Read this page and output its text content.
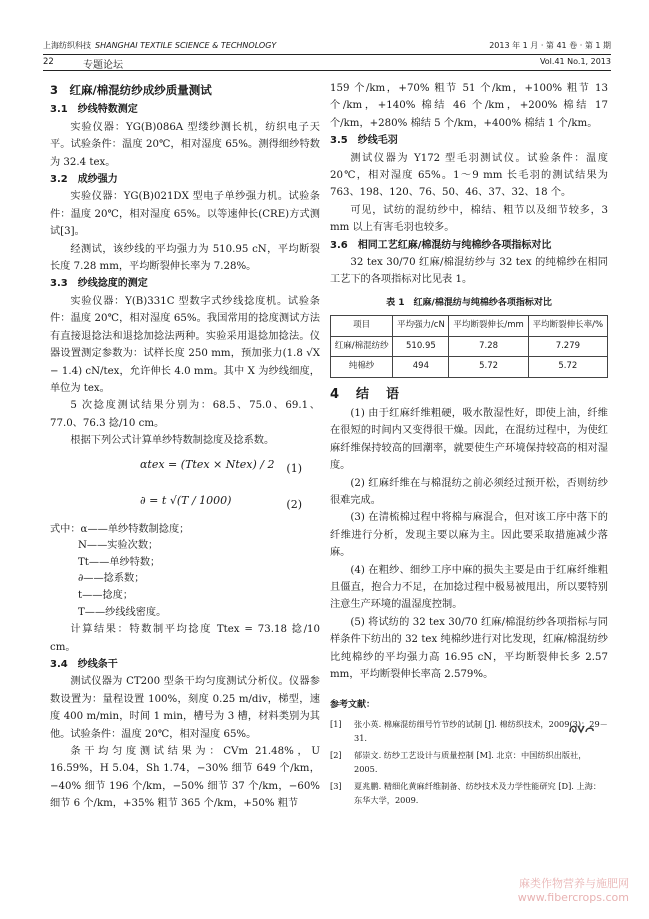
上海纺织科技 SHANGHAI TEXTILE SCIENCE & TECHNOLOGY	2013 年 1 月 · 第 41 卷 · 第 1 期
22	专题论坛	Vol.41 No.1, 2013
3　红麻/棉混纺纱成纱质量测试
3.1　纱线特数测定

实验仪器：YG(B)086A 型缕纱测长机，纺织电子天平。试验条件：温度 20℃，相对湿度 65%。测得细纱特数为 32.4 tex。

3.2　成纱强力

实验仪器：YG(B)021DX 型电子单纱强力机。试验条件：温度 20℃，相对湿度 65%。以等速伸长(CRE)方式测试[3]。

经测试，该纱线的平均强力为 510.95 cN，平均断裂长度 7.28 mm，平均断裂伸长率为 7.28%。

3.3　纱线捻度的测定

实验仪器：Y(B)331C 型数字式纱线捻度机。试验条件：温度 20℃，相对湿度 65%。我国常用的捻度测试方法有直接退捻法和退捻加捻法两种。实验采用退捻加捻法。仪器设置测定参数为：试样长度 250 mm，预加张力(1.8 √X − 1.4) cN/tex，允许伸长 4.0 mm。其中 X 为纱线细度，单位为 tex。

5 次捻度测试结果分别为：68.5、75.0、69.1、77.0、76.3 捻/10 cm。

根据下列公式计算单纱特数制捻度及捻系数。

αtex = (Ttex × Ntex) / 2 (1)
∂ = t √(T / 1000)	(2)
式中：α——单纱特数制捻度；
N——实验次数；
Tt——单纱特数；
∂——捻系数；
t——捻度；
T——纱线线密度。

计算结果：特数制平均捻度 Ttex = 73.18 捻/10 cm。

3.4　纱线条干

测试仪器为 CT200 型条干均匀度测试分析仪。仪器参数设置为：量程设置 100%，刻度 0.25 m/div，梯型，速度 400 m/min，时间 1 min，槽号为 3 槽，材料类别为其他。试验条件：温度 20℃，相对湿度 65%。

条干均匀度测试结果为：CVm 21.48%，U 16.59%，H 5.04，Sh 1.74，−30% 细节 649 个/km，−40% 细节 196 个/km，−50% 细节 37 个/km，−60% 细节 6 个/km，+35% 粗节 365 个/km，+50% 粗节

159 个/km，+70% 粗节 51 个/km，+100% 粗节 13 个/km，+140% 棉结 46 个/km，+200% 棉结 17 个/km，+280% 棉结 5 个/km，+400% 棉结 1 个/km。

3.5　纱线毛羽

测试仪器为 Y172 型毛羽测试仪。试验条件：温度 20℃，相对湿度 65%。1～9 mm 长毛羽的测试结果为 763、198、120、76、50、46、37、32、18 个。

可见，试纺的混纺纱中，棉结、粗节以及细节较多，3 mm 以上有害毛羽也较多。

3.6　相同工艺红麻/棉混纺与纯棉纱各项指标对比

32 tex 30/70 红麻/棉混纺纱与 32 tex 的纯棉纱在相同工艺下的各项指标对比见表 1。

表 1　红麻/棉混纺与纯棉纱各项指标对比
项目	平均强力/cN	平均断裂伸长/mm	平均断裂伸长率/%
红麻/棉混纺纱	510.95	7.28	7.279
纯棉纱	494	5.72	5.72
4　结　语

(1) 由于红麻纤维粗硬，吸水散湿性好，即使上油，纤维在很短的时间内又变得很干燥。因此，在混纺过程中，为使红麻纤维保持较高的回潮率，就要使生产环境保持较高的相对湿度。

(2) 红麻纤维在与棉混纺之前必须经过预开松，否则纺纱很难完成。

(3) 在清梳棉过程中将棉与麻混合，但对该工序中落下的纤维进行分析，发现主要以麻为主。因此要采取措施减少落麻。

(4) 在粗纱、细纱工序中麻的损失主要是由于红麻纤维粗且僵直，抱合力不足，在加捻过程中极易被甩出，所以要特别注意生产环境的温湿度控制。

(5) 将试纺的 32 tex 30/70 红麻/棉混纺纱各项指标与同样条件下纺出的 32 tex 纯棉纱进行对比发现，红麻/棉混纺纱比纯棉纱的平均强力高 16.95 cN，平均断裂伸长多 2.57 mm，平均断裂伸长率高 2.579%。

参考文献：
[1]	张小英. 棉麻混纺细号竹节纱的试制 [J]. 棉纺织技术，2009(3)：29－31.
[2]	郁崇文. 纺纱工艺设计与质量控制 [M]. 北京：中国纺织出版社，2005.
[3]	夏兆鹏. 精细化黄麻纤维制备、纺纱技术及力学性能研究 [D]. 上海：东华大学，2009.
麻类作物营养与施肥网
www.fibercrops.com
